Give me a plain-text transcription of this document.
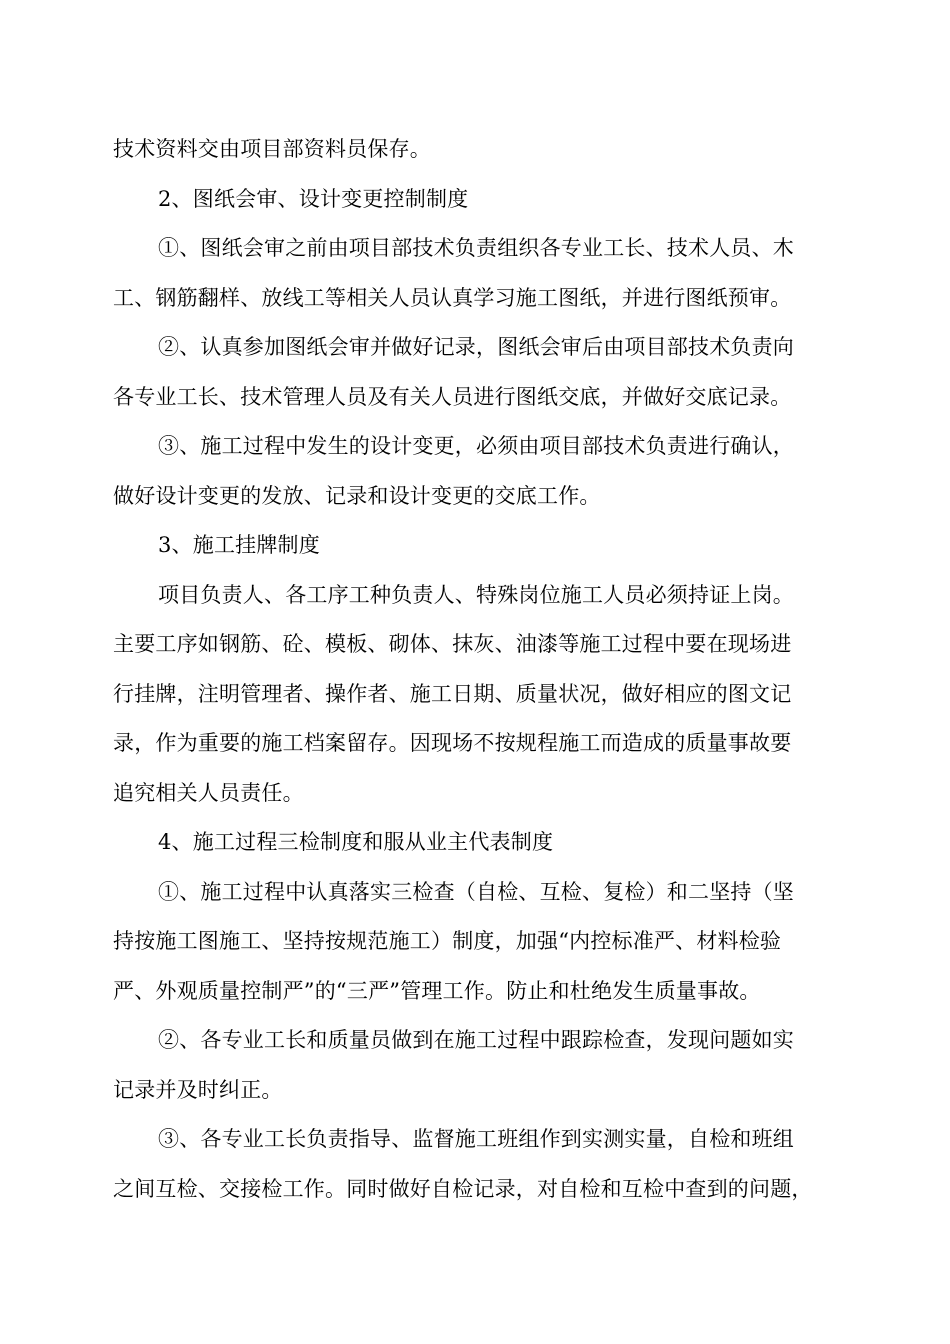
技术资料交由项目部资料员保存。
2、图纸会审、设计变更控制制度
①、图纸会审之前由项目部技术负责组织各专业工长、技术人员、木
工、钢筋翻样、放线工等相关人员认真学习施工图纸，并进行图纸预审。
②、认真参加图纸会审并做好记录，图纸会审后由项目部技术负责向
各专业工长、技术管理人员及有关人员进行图纸交底，并做好交底记录。
③、施工过程中发生的设计变更，必须由项目部技术负责进行确认，
做好设计变更的发放、记录和设计变更的交底工作。
3、施工挂牌制度
项目负责人、各工序工种负责人、特殊岗位施工人员必须持证上岗。
主要工序如钢筋、砼、模板、砌体、抹灰、油漆等施工过程中要在现场进
行挂牌，注明管理者、操作者、施工日期、质量状况，做好相应的图文记
录，作为重要的施工档案留存。因现场不按规程施工而造成的质量事故要
追究相关人员责任。
4、施工过程三检制度和服从业主代表制度
①、施工过程中认真落实三检查（自检、互检、复检）和二坚持（坚
持按施工图施工、坚持按规范施工）制度，加强“内控标准严、材料检验
严、外观质量控制严”的“三严”管理工作。防止和杜绝发生质量事故。
②、各专业工长和质量员做到在施工过程中跟踪检查，发现问题如实
记录并及时纠正。
③、各专业工长负责指导、监督施工班组作到实测实量，自检和班组
之间互检、交接检工作。同时做好自检记录，对自检和互检中查到的问题，
